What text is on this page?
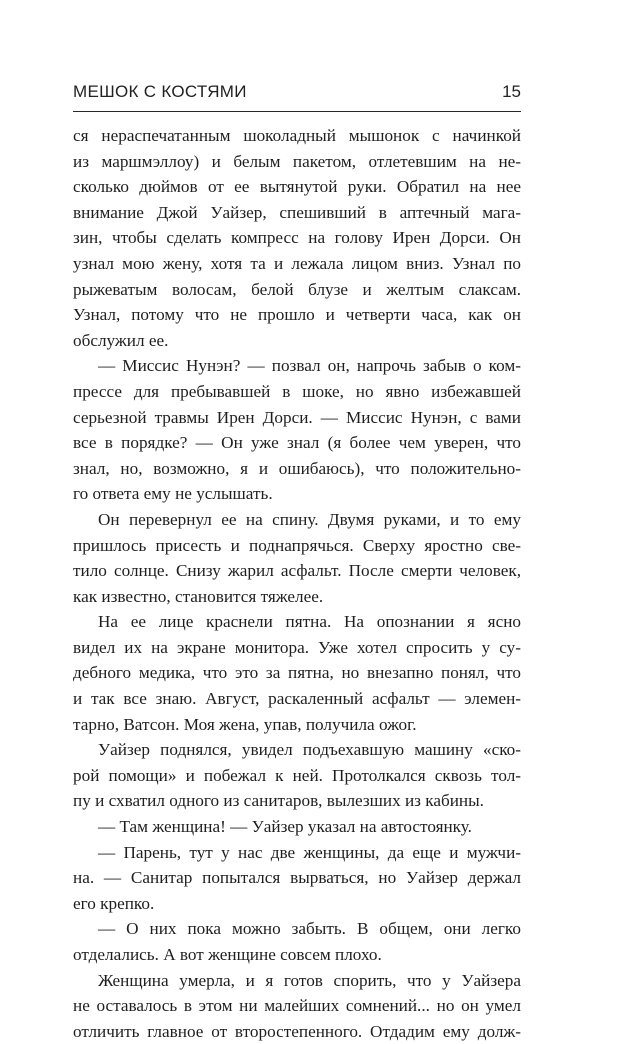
МЕШОК С КОСТЯМИ	15

ся нераспечатанным шоколадный мышонок с начинкой
из маршмэллоу) и белым пакетом, отлетевшим на не-
сколько дюймов от ее вытянутой руки. Обратил на нее
внимание Джой Уайзер, спешивший в аптечный мага-
зин, чтобы сделать компресс на голову Ирен Дорси. Он
узнал мою жену, хотя та и лежала лицом вниз. Узнал по
рыжеватым волосам, белой блузе и желтым слаксам.
Узнал, потому что не прошло и четверти часа, как он
обслужил ее.

— Миссис Нунэн? — позвал он, напрочь забыв о ком-
прессе для пребывавшей в шоке, но явно избежавшей
серьезной травмы Ирен Дорси. — Миссис Нунэн, с вами
все в порядке? — Он уже знал (я более чем уверен, что
знал, но, возможно, я и ошибаюсь), что положительно-
го ответа ему не услышать.

Он перевернул ее на спину. Двумя руками, и то ему
пришлось присесть и поднапрячься. Сверху яростно све-
тило солнце. Снизу жарил асфальт. После смерти человек,
как известно, становится тяжелее.

На ее лице краснели пятна. На опознании я ясно
видел их на экране монитора. Уже хотел спросить у су-
дебного медика, что это за пятна, но внезапно понял, что
и так все знаю. Август, раскаленный асфальт — элемен-
тарно, Ватсон. Моя жена, упав, получила ожог.

Уайзер поднялся, увидел подъехавшую машину «ско-
рой помощи» и побежал к ней. Протолкался сквозь тол-
пу и схватил одного из санитаров, вылезших из кабины.

— Там женщина! — Уайзер указал на автостоянку.

— Парень, тут у нас две женщины, да еще и мужчи-
на. — Санитар попытался вырваться, но Уайзер держал
его крепко.

— О них пока можно забыть. В общем, они легко
отделались. А вот женщине совсем плохо.

Женщина умерла, и я готов спорить, что у Уайзера
не оставалось в этом ни малейших сомнений... но он умел
отличить главное от второстепенного. Отдадим ему долж-
